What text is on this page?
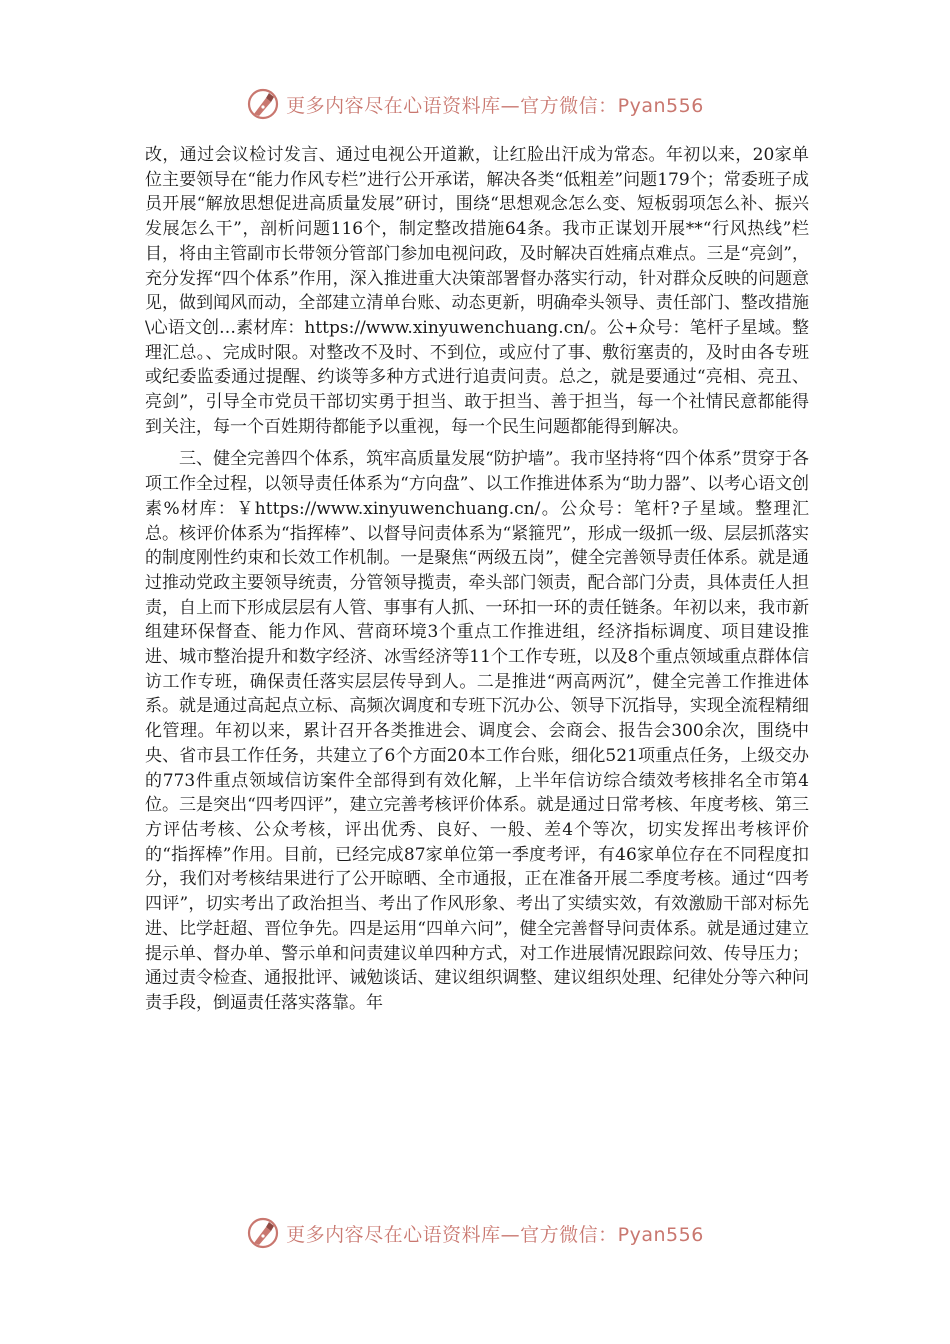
更多内容尽在心语资料库—官方微信：Pyan556

改，通过会议检讨发言、通过电视公开道歉，让红脸出汗成为常态。年初以来，20家单位主要领导在“能力作风专栏”进行公开承诺，解决各类“低粗差”问题179个；常委班子成员开展“解放思想促进高质量发展”研讨，围绕“思想观念怎么变、短板弱项怎么补、振兴发展怎么干”，剖析问题116个，制定整改措施64条。我市正谋划开展**“行风热线”栏目，将由主管副市长带领分管部门参加电视问政，及时解决百姓痛点难点。三是“亮剑”，充分发挥“四个体系”作用，深入推进重大决策部署督办落实行动，针对群众反映的问题意见，做到闻风而动，全部建立清单台账、动态更新，明确牵头领导、责任部门、整改措施\心语文创…素材库：https://www.xinyuwenchuang.cn/。公+众号：笔杆子星域。整理汇总。、完成时限。对整改不及时、不到位，或应付了事、敷衍塞责的，及时由各专班或纪委监委通过提醒、约谈等多种方式进行追责问责。总之，就是要通过“亮相、亮丑、亮剑”，引导全市党员干部切实勇于担当、敢于担当、善于担当，每一个社情民意都能得到关注，每一个百姓期待都能予以重视，每一个民生问题都能得到解决。

三、健全完善四个体系，筑牢高质量发展“防护墙”。我市坚持将“四个体系”贯穿于各项工作全过程，以领导责任体系为“方向盘”、以工作推进体系为“助力器”、以考心语文创素%材库：￥https://www.xinyuwenchuang.cn/。公众号：笔杆?子星域。整理汇总。核评价体系为“指挥棒”、以督导问责体系为“紧箍咒”，形成一级抓一级、层层抓落实的制度刚性约束和长效工作机制。一是聚焦“两级五岗”，健全完善领导责任体系。就是通过推动党政主要领导统责，分管领导揽责，牵头部门领责，配合部门分责，具体责任人担责，自上而下形成层层有人管、事事有人抓、一环扣一环的责任链条。年初以来，我市新组建环保督查、能力作风、营商环境3个重点工作推进组，经济指标调度、项目建设推进、城市整治提升和数字经济、冰雪经济等11个工作专班，以及8个重点领域重点群体信访工作专班，确保责任落实层层传导到人。二是推进“两高两沉”，健全完善工作推进体系。就是通过高起点立标、高频次调度和专班下沉办公、领导下沉指导，实现全流程精细化管理。年初以来，累计召开各类推进会、调度会、会商会、报告会300余次，围绕中央、省市县工作任务，共建立了6个方面20本工作台账，细化521项重点任务，上级交办的773件重点领域信访案件全部得到有效化解，上半年信访综合绩效考核排名全市第4位。三是突出“四考四评”，建立完善考核评价体系。就是通过日常考核、年度考核、第三方评估考核、公众考核，评出优秀、良好、一般、差4个等次，切实发挥出考核评价的“指挥棒”作用。目前，已经完成87家单位第一季度考评，有46家单位存在不同程度扣分，我们对考核结果进行了公开晾晒、全市通报，正在准备开展二季度考核。通过“四考四评”，切实考出了政治担当、考出了作风形象、考出了实绩实效，有效激励干部对标先进、比学赶超、晋位争先。四是运用“四单六问”，健全完善督导问责体系。就是通过建立提示单、督办单、警示单和问责建议单四种方式，对工作进展情况跟踪问效、传导压力；通过责令检查、通报批评、诫勉谈话、建议组织调整、建议组织处理、纪律处分等六种问责手段，倒逼责任落实落靠。年

更多内容尽在心语资料库—官方微信：Pyan556
